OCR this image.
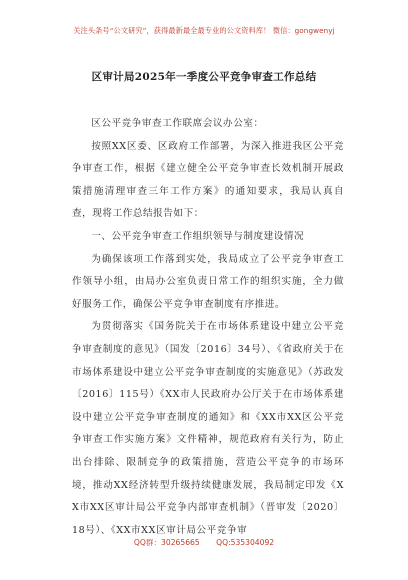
关注头条号“公文研究”，获得最新最全最专业的公文资料库！ 微信：gongwenyj
区审计局2025年一季度公平竞争审查工作总结

区公平竞争审查工作联席会议办公室：

按照XX区委、区政府工作部署，为深入推进我区公平竞争审查工作，根据《建立健全公平竞争审查长效机制开展政策措施清理审查三年工作方案》的通知要求，我局认真自查，现将工作总结报告如下：

一、公平竞争审查工作组织领导与制度建设情况

为确保该项工作落到实处，我局成立了公平竞争审查工作领导小组，由局办公室负责日常工作的组织实施，全力做好服务工作，确保公平竞争审查制度有序推进。

为贯彻落实《国务院关于在市场体系建设中建立公平竞争审查制度的意见》（国发〔2016〕34号）、《省政府关于在市场体系建设中建立公平竞争审查制度的实施意见》（苏政发〔2016〕115号）《XX市人民政府办公厅关于在市场体系建设中建立公平竞争审查制度的通知》和《XX市XX区公平竞争审查工作实施方案》文件精神，规范政府有关行为，防止出台排除、限制竞争的政策措施，营造公平竞争的市场环境，推动XX经济转型升级持续健康发展，我局制定印发《XX市XX区审计局公平竞争内部审查机制》（晋审发〔2020〕18号）、《XX市XX区审计局公平竞争审

QQ群：30265665 QQ:535304092
